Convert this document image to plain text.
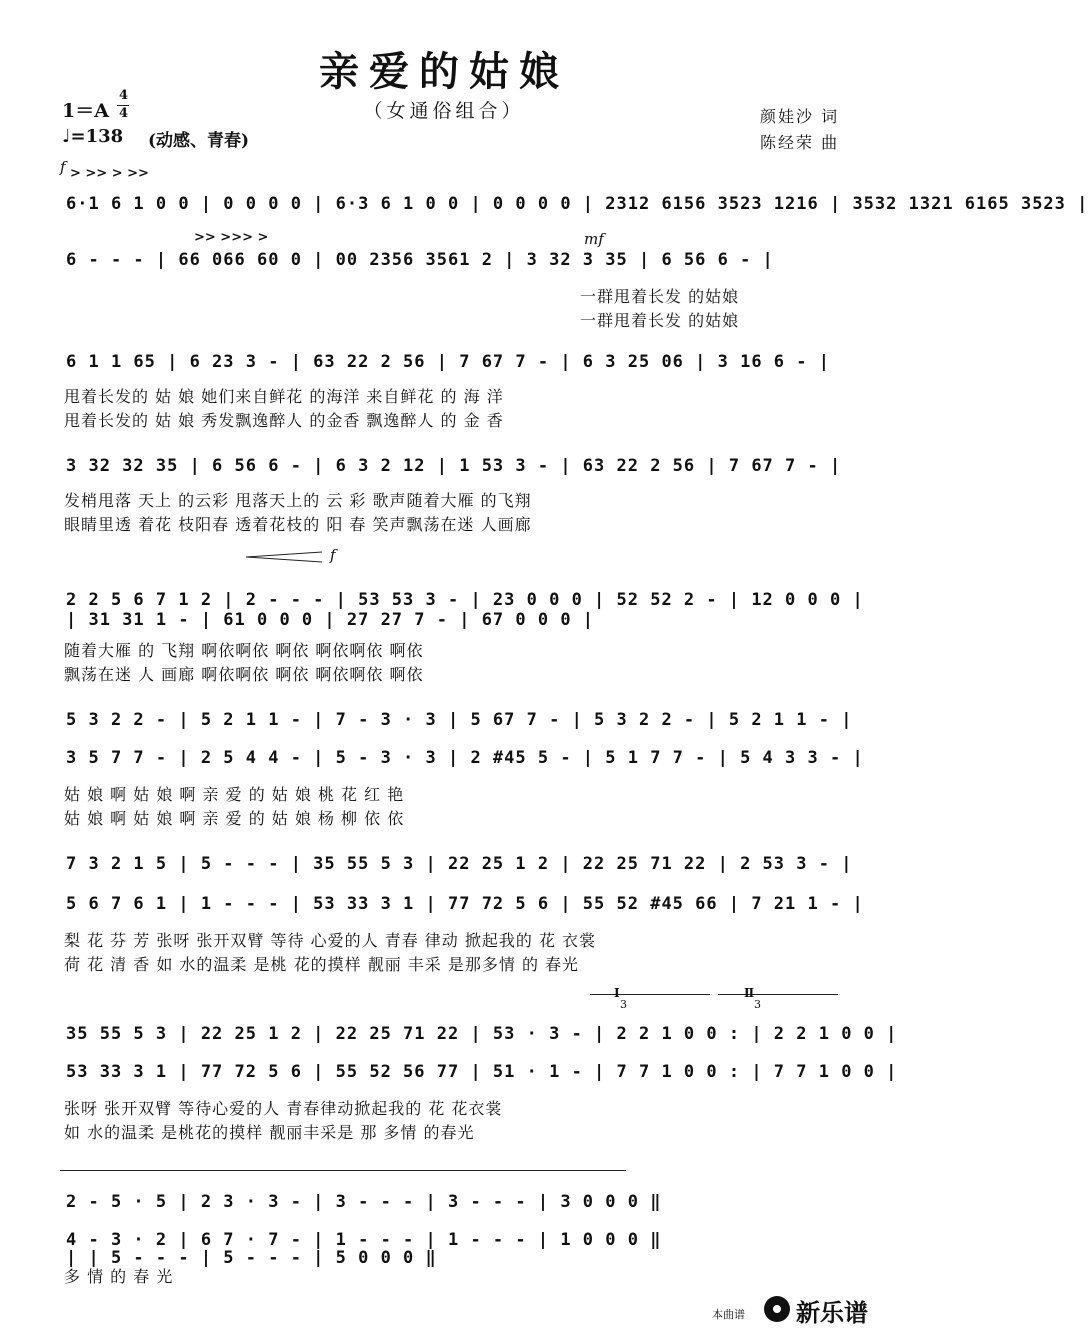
亲爱的姑娘
（女通俗组合）
1＝A
4
4
♩=138 (动感、青春)
颜娃沙 词
陈经荣 曲
f > >> > >>
6·1 6 1 0 0 | 0 0 0 0 | 6·3 6 1 0 0 | 0 0 0 0 | 2312 6156 3523 1216 | 3532 1321 6165 3523 |
>> >>> >	mf
6 - - - | 66 066 60 0 | 00 2356 3561 2 | 3 32 3 35 | 6 56 6 - |
一群甩着长发 的姑娘
一群甩着长发 的姑娘
6 1 1 65 | 6 23 3 - | 63 22 2 56 | 7 67 7 - | 6 3 25 06 | 3 16 6 - |
甩着长发的 姑 娘 她们来自鲜花 的海洋 来自鲜花 的 海 洋
甩着长发的 姑 娘 秀发飘逸醉人 的金香 飘逸醉人 的 金 香
3 32 32 35 | 6 56 6 - | 6 3 2 12 | 1 53 3 - | 63 22 2 56 | 7 67 7 - |
发梢甩落 天上 的云彩 甩落天上的 云 彩 歌声随着大雁 的飞翔
眼睛里透 着花 枝阳春 透着花枝的 阳 春 笑声飘荡在迷 人画廊
f
2 2 5 6 7 1 2 | 2 - - - | 53 53 3 - | 23 0 0 0 | 52 52 2 - | 12 0 0 0 |
| 31 31 1 - | 61 0 0 0 | 27 27 7 - | 67 0 0 0 |
随着大雁 的 飞翔 啊依啊依 啊依 啊依啊依 啊依
飘荡在迷 人 画廊 啊依啊依 啊依 啊依啊依 啊依
5 3 2 2 - | 5 2 1 1 - | 7 - 3 · 3 | 5 67 7 - | 5 3 2 2 - | 5 2 1 1 - |
3 5 7 7 - | 2 5 4 4 - | 5 - 3 · 3 | 2 #45 5 - | 5 1 7 7 - | 5 4 3 3 - |
姑 娘 啊 姑 娘 啊 亲 爱 的 姑 娘 桃 花 红 艳
姑 娘 啊 姑 娘 啊 亲 爱 的 姑 娘 杨 柳 依 依
7 3 2 1 5 | 5 - - - | 35 55 5 3 | 22 25 1 2 | 22 25 71 22 | 2 53 3 - |
5 6 7 6 1 | 1 - - - | 53 33 3 1 | 77 72 5 6 | 55 52 #45 66 | 7 21 1 - |
梨 花 芬 芳 张呀 张开双臂 等待 心爱的人 青春 律动 掀起我的 花 衣裳
荷 花 清 香 如 水的温柔 是桃 花的摸样 靓丽 丰采 是那多情 的 春光
Ⅰ
3
Ⅱ
3
35 55 5 3 | 22 25 1 2 | 22 25 71 22 | 53 · 3 - | 2 2 1 0 0 : | 2 2 1 0 0 |
53 33 3 1 | 77 72 5 6 | 55 52 56 77 | 51 · 1 - | 7 7 1 0 0 : | 7 7 1 0 0 |
张呀 张开双臂 等待心爱的人 青春律动掀起我的 花 花衣裳
如 水的温柔 是桃花的摸样 靓丽丰采是 那 多情 的春光
2 - 5 · 5 | 2 3 · 3 - | 3 - - - | 3 - - - | 3 0 0 0 ‖
4 - 3 · 2 | 6 7 · 7 - | 1 - - - | 1 - - - | 1 0 0 0 ‖
| | 5 - - - | 5 - - - | 5 0 0 0 ‖
多 情 的 春 光
本曲谱 新乐谱
